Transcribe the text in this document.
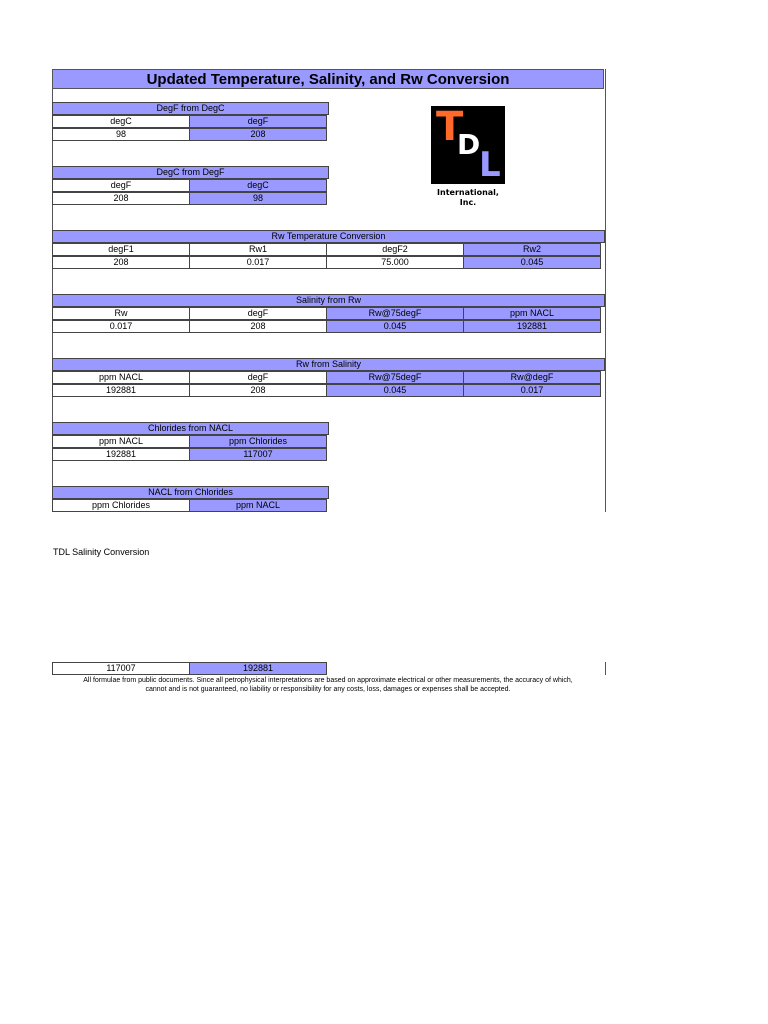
Updated Temperature, Salinity, and Rw Conversion
DegF from DegC
degC	degF
98	208
DegC from DegF
degF	degC
208	98
T
D
L
International,
Inc.
Rw Temperature Conversion
degF1	Rw1	degF2	Rw2
208	0.017	75.000	0.045
Salinity from Rw
Rw	degF	Rw@75degF	ppm NACL
0.017	208	0.045	192881
Rw from Salinity
ppm NACL	degF	Rw@75degF	Rw@degF
192881	208	0.045	0.017
Chlorides from NACL
ppm NACL	ppm Chlorides
192881	117007
NACL from Chlorides
ppm Chlorides	ppm NACL
TDL Salinity Conversion
117007	192881
All formulae from public documents. Since all petrophysical interpretations are based on approximate electrical or other measurements, the accuracy of which,
cannot and is not guaranteed, no liability or responsibility for any costs, loss, damages or expenses shall be accepted.
